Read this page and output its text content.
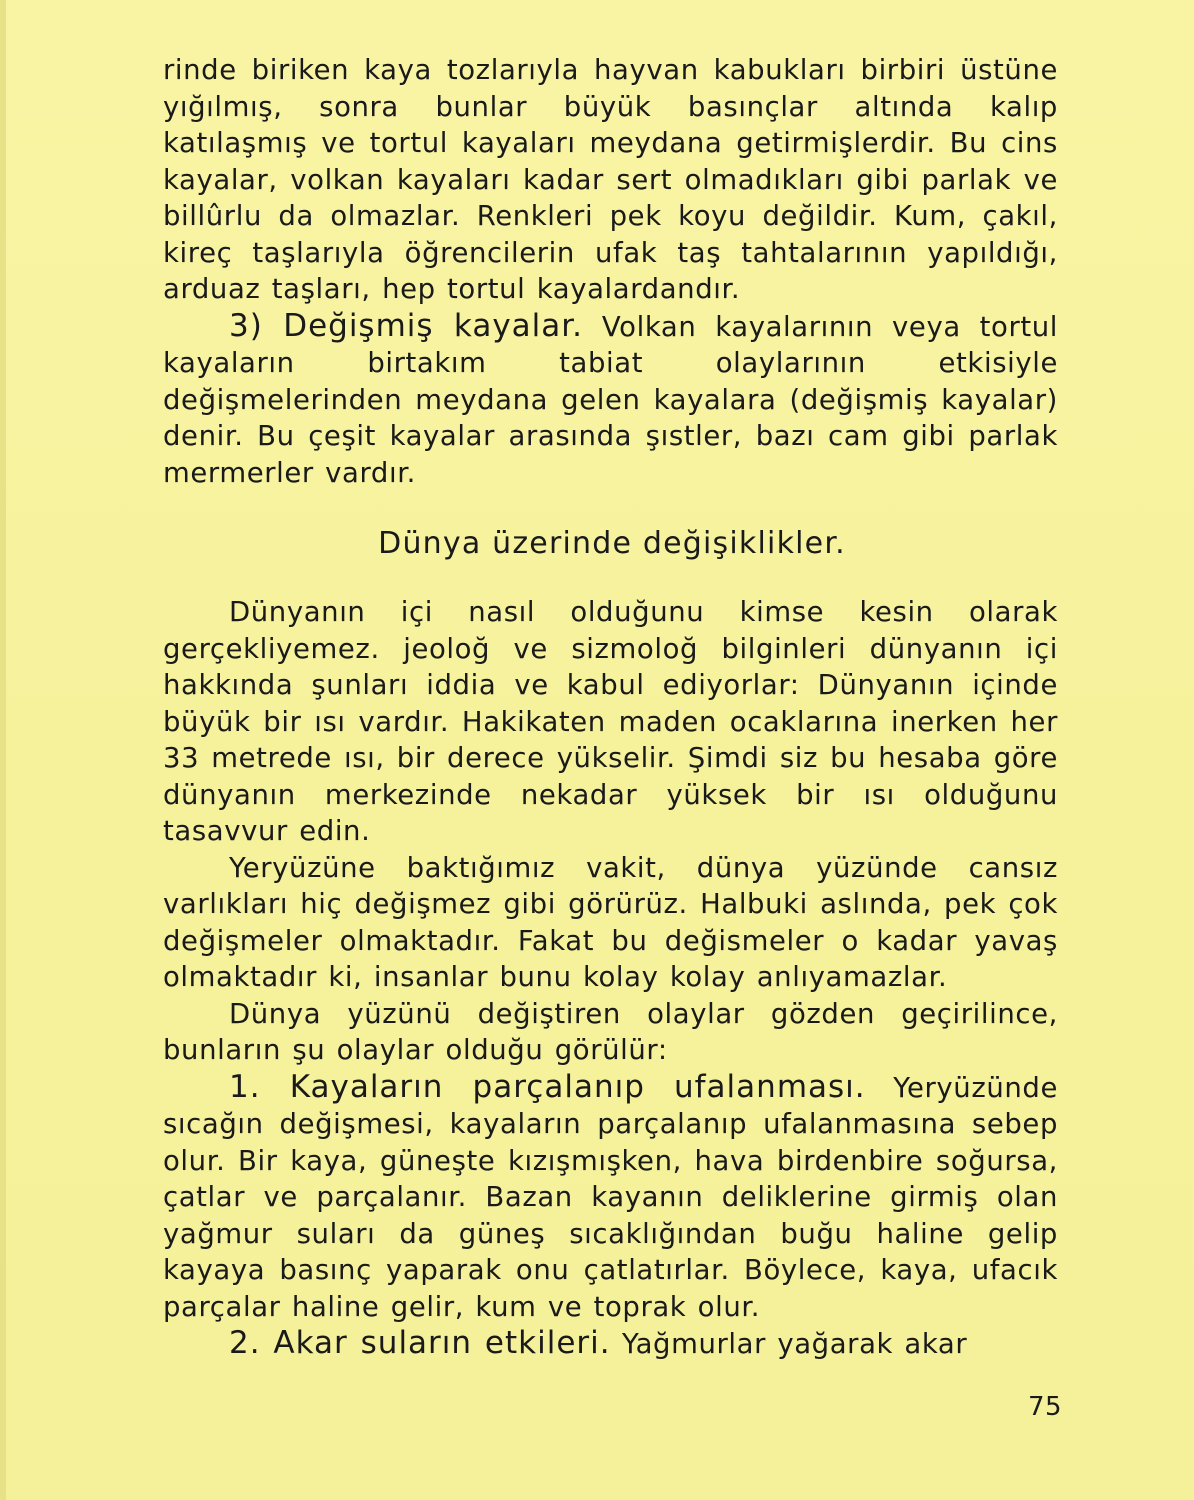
rinde biriken kaya tozlarıyla hayvan kabukları birbiri üstüne yığılmış, sonra bunlar büyük basınçlar altında kalıp katılaşmış ve tortul kayaları meydana getirmişlerdir. Bu cins kayalar, volkan kayaları kadar sert olmadıkları gibi parlak ve billûrlu da olmazlar. Renkleri pek koyu değildir. Kum, çakıl, kireç taşlarıyla öğrencilerin ufak taş tahtalarının yapıldığı, arduaz taşları, hep tortul kayalardandır.

3) Değişmiş kayalar. Volkan kayalarının veya tortul kayaların birtakım tabiat olaylarının etkisiyle değişmelerinden meydana gelen kayalara (değişmiş kayalar) denir. Bu çeşit kayalar arasında şıstler, bazı cam gibi parlak mermerler vardır.

Dünya üzerinde değişiklikler.

Dünyanın içi nasıl olduğunu kimse kesin olarak gerçekliyemez. jeoloğ ve sizmoloğ bilginleri dünyanın içi hakkında şunları iddia ve kabul ediyorlar: Dünyanın içinde büyük bir ısı vardır. Hakikaten maden ocaklarına inerken her 33 metrede ısı, bir derece yükselir. Şimdi siz bu hesaba göre dünyanın merkezinde nekadar yüksek bir ısı olduğunu tasavvur edin.

Yeryüzüne baktığımız vakit, dünya yüzünde cansız varlıkları hiç değişmez gibi görürüz. Halbuki aslında, pek çok değişmeler olmaktadır. Fakat bu değismeler o kadar yavaş olmaktadır ki, insanlar bunu kolay kolay anlıyamazlar.

Dünya yüzünü değiştiren olaylar gözden geçirilince, bunların şu olaylar olduğu görülür:

1. Kayaların parçalanıp ufalanması. Yeryüzünde sıcağın değişmesi, kayaların parçalanıp ufalanmasına sebep olur. Bir kaya, güneşte kızışmışken, hava birdenbire soğursa, çatlar ve parçalanır. Bazan kayanın deliklerine girmiş olan yağmur suları da güneş sıcaklığından buğu haline gelip kayaya basınç yaparak onu çatlatırlar. Böylece, kaya, ufacık parçalar haline gelir, kum ve toprak olur.

2. Akar suların etkileri. Yağmurlar yağarak akar

75
